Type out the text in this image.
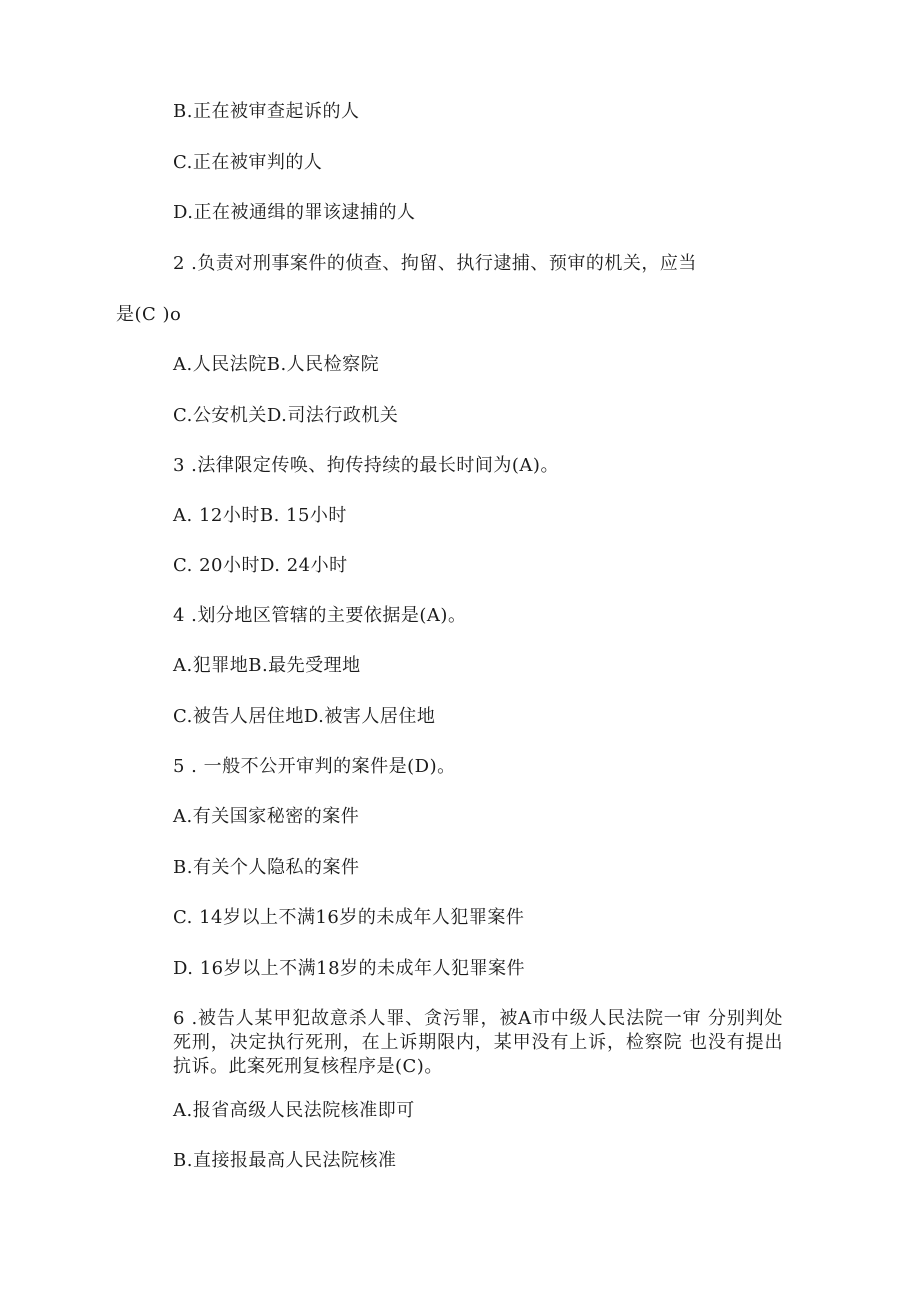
B.正在被审查起诉的人
C.正在被审判的人
D.正在被通缉的罪该逮捕的人
2 .负责对刑事案件的侦查、拘留、执行逮捕、预审的机关，应当
是(C )o
A.人民法院B.人民检察院
C.公安机关D.司法行政机关
3 .法律限定传唤、拘传持续的最长时间为(A)。
A. 12小时B. 15小时
C. 20小时D. 24小时
4 .划分地区管辖的主要依据是(A)。
A.犯罪地B.最先受理地
C.被告人居住地D.被害人居住地
5 . 一般不公开审判的案件是(D)。
A.有关国家秘密的案件
B.有关个人隐私的案件
C. 14岁以上不满16岁的未成年人犯罪案件
D. 16岁以上不满18岁的未成年人犯罪案件
6 .被告人某甲犯故意杀人罪、贪污罪，被A市中级人民法院一审 分别判处死刑，决定执行死刑，在上诉期限内，某甲没有上诉，检察院 也没有提出抗诉。此案死刑复核程序是(C)。
A.报省高级人民法院核准即可
B.直接报最高人民法院核准
